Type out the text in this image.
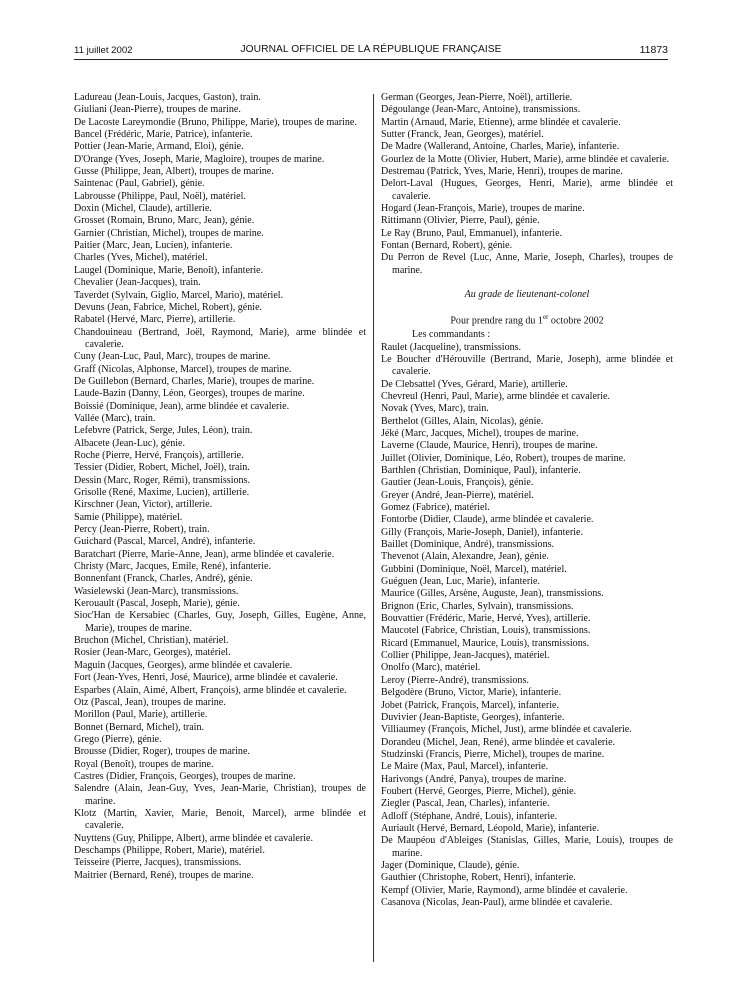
11 juillet 2002	JOURNAL OFFICIEL DE LA RÉPUBLIQUE FRANÇAISE	11873
Ladureau (Jean-Louis, Jacques, Gaston), train.
Giuliani (Jean-Pierre), troupes de marine.
De Lacoste Lareymondie (Bruno, Philippe, Marie), troupes de marine.
Bancel (Frédéric, Marie, Patrice), infanterie.
Pottier (Jean-Marie, Armand, Eloi), génie.
D'Orange (Yves, Joseph, Marie, Magloire), troupes de marine.
Gusse (Philippe, Jean, Albert), troupes de marine.
Saintenac (Paul, Gabriel), génie.
Labrousse (Philippe, Paul, Noël), matériel.
Doxin (Michel, Claude), artillerie.
Grosset (Romain, Bruno, Marc, Jean), génie.
Garnier (Christian, Michel), troupes de marine.
Paitier (Marc, Jean, Lucien), infanterie.
Charles (Yves, Michel), matériel.
Laugel (Dominique, Marie, Benoît), infanterie.
Chevalier (Jean-Jacques), train.
Taverdet (Sylvain, Giglio, Marcel, Mario), matériel.
Devuns (Jean, Fabrice, Michel, Robert), génie.
Rabatel (Hervé, Marc, Pierre), artillerie.
Chandouineau (Bertrand, Joël, Raymond, Marie), arme blindée et cavalerie.
Cuny (Jean-Luc, Paul, Marc), troupes de marine.
Graff (Nicolas, Alphonse, Marcel), troupes de marine.
De Guillebon (Bernard, Charles, Marie), troupes de marine.
Laude-Bazin (Danny, Léon, Georges), troupes de marine.
Boissié (Dominique, Jean), arme blindée et cavalerie.
Vallée (Marc), train.
Lefebvre (Patrick, Serge, Jules, Léon), train.
Albacete (Jean-Luc), génie.
Roche (Pierre, Hervé, François), artillerie.
Tessier (Didier, Robert, Michel, Joël), train.
Dessin (Marc, Roger, Rémi), transmissions.
Grisolle (René, Maxime, Lucien), artillerie.
Kirschner (Jean, Victor), artillerie.
Samie (Philippe), matériel.
Percy (Jean-Pierre, Robert), train.
Guichard (Pascal, Marcel, André), infanterie.
Baratchart (Pierre, Marie-Anne, Jean), arme blindée et cavalerie.
Christy (Marc, Jacques, Emile, René), infanterie.
Bonnenfant (Franck, Charles, André), génie.
Wasielewski (Jean-Marc), transmissions.
Kerouault (Pascal, Joseph, Marie), génie.
Sioc'Han de Kersabiec (Charles, Guy, Joseph, Gilles, Eugène, Anne, Marie), troupes de marine.
Bruchon (Michel, Christian), matériel.
Rosier (Jean-Marc, Georges), matériel.
Maguin (Jacques, Georges), arme blindée et cavalerie.
Fort (Jean-Yves, Henri, José, Maurice), arme blindée et cavalerie.
Esparbes (Alain, Aimé, Albert, François), arme blindée et cavalerie.
Otz (Pascal, Jean), troupes de marine.
Morillon (Paul, Marie), artillerie.
Bonnet (Bernard, Michel), train.
Grego (Pierre), génie.
Brousse (Didier, Roger), troupes de marine.
Royal (Benoît), troupes de marine.
Castres (Didier, François, Georges), troupes de marine.
Salendre (Alain, Jean-Guy, Yves, Jean-Marie, Christian), troupes de marine.
Klotz (Martin, Xavier, Marie, Benoit, Marcel), arme blindée et cavalerie.
Nuyttens (Guy, Philippe, Albert), arme blindée et cavalerie.
Deschamps (Philippe, Robert, Marie), matériel.
Teisseire (Pierre, Jacques), transmissions.
Maitrier (Bernard, René), troupes de marine.
German (Georges, Jean-Pierre, Noël), artillerie.
Dégoulange (Jean-Marc, Antoine), transmissions.
Martin (Arnaud, Marie, Etienne), arme blindée et cavalerie.
Sutter (Franck, Jean, Georges), matériel.
De Madre (Wallerand, Antoine, Charles, Marie), infanterie.
Gourlez de la Motte (Olivier, Hubert, Marie), arme blindée et cavalerie.
Destremau (Patrick, Yves, Marie, Henri), troupes de marine.
Delort-Laval (Hugues, Georges, Henri, Marie), arme blindée et cavalerie.
Hogard (Jean-François, Marie), troupes de marine.
Rittimann (Olivier, Pierre, Paul), génie.
Le Ray (Bruno, Paul, Emmanuel), infanterie.
Fontan (Bernard, Robert), génie.
Du Perron de Revel (Luc, Anne, Marie, Joseph, Charles), troupes de marine.
Au grade de lieutenant-colonel
Pour prendre rang du 1er octobre 2002
Les commandants :
Raulet (Jacqueline), transmissions.
Le Boucher d'Hérouville (Bertrand, Marie, Joseph), arme blindée et cavalerie.
De Clebsattel (Yves, Gérard, Marie), artillerie.
Chevreul (Henri, Paul, Marie), arme blindée et cavalerie.
Novak (Yves, Marc), train.
Berthelot (Gilles, Alain, Nicolas), génie.
Jéké (Marc, Jacques, Michel), troupes de marine.
Laverne (Claude, Maurice, Henri), troupes de marine.
Juillet (Olivier, Dominique, Léo, Robert), troupes de marine.
Barthlen (Christian, Dominique, Paul), infanterie.
Gautier (Jean-Louis, François), génie.
Greyer (André, Jean-Pierre), matériel.
Gomez (Fabrice), matériel.
Fontorbe (Didier, Claude), arme blindée et cavalerie.
Gilly (François, Marie-Joseph, Daniel), infanterie.
Baillet (Dominique, André), transmissions.
Thevenot (Alain, Alexandre, Jean), génie.
Gubbini (Dominique, Noël, Marcel), matériel.
Guéguen (Jean, Luc, Marie), infanterie.
Maurice (Gilles, Arsène, Auguste, Jean), transmissions.
Brignon (Eric, Charles, Sylvain), transmissions.
Bouvattier (Frédéric, Marie, Hervé, Yves), artillerie.
Maucotel (Fabrice, Christian, Louis), transmissions.
Ricard (Emmanuel, Maurice, Louis), transmissions.
Collier (Philippe, Jean-Jacques), matériel.
Onolfo (Marc), matériel.
Leroy (Pierre-André), transmissions.
Belgodère (Bruno, Victor, Marie), infanterie.
Jobet (Patrick, François, Marcel), infanterie.
Duvivier (Jean-Baptiste, Georges), infanterie.
Villiaumey (François, Michel, Just), arme blindée et cavalerie.
Dorandeu (Michel, Jean, René), arme blindée et cavalerie.
Studzinski (Francis, Pierre, Michel), troupes de marine.
Le Maire (Max, Paul, Marcel), infanterie.
Harivongs (André, Panya), troupes de marine.
Foubert (Hervé, Georges, Pierre, Michel), génie.
Ziegler (Pascal, Jean, Charles), infanterie.
Adloff (Stéphane, André, Louis), infanterie.
Auriault (Hervé, Bernard, Léopold, Marie), infanterie.
De Maupéou d'Ableiges (Stanislas, Gilles, Marie, Louis), troupes de marine.
Jager (Dominique, Claude), génie.
Gauthier (Christophe, Robert, Henri), infanterie.
Kempf (Olivier, Marie, Raymond), arme blindée et cavalerie.
Casanova (Nicolas, Jean-Paul), arme blindée et cavalerie.
